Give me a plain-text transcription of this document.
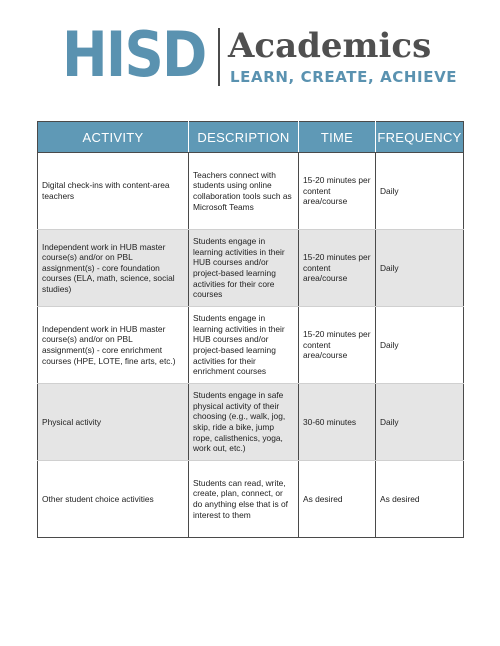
HISD Academics
LEARN, CREATE, ACHIEVE
ACTIVITY	DESCRIPTION	TIME	FREQUENCY
Digital check-ins with content-area teachers	Teachers connect with students using online collaboration tools such as Microsoft Teams	15-20 minutes per content area/course	Daily
Independent work in HUB master course(s) and/or on PBL assignment(s) - core foundation courses (ELA, math, science, social studies)	Students engage in learning activities in their HUB courses and/or project-based learning activities for their core courses	15-20 minutes per content area/course	Daily
Independent work in HUB master course(s) and/or on PBL assignment(s) - core enrichment courses (HPE, LOTE, fine arts, etc.)	Students engage in learning activities in their HUB courses and/or project-based learning activities for their enrichment courses	15-20 minutes per content area/course	Daily
Physical activity	Students engage in safe physical activity of their choosing (e.g., walk, jog, skip, ride a bike, jump rope, calisthenics, yoga, work out, etc.)	30-60 minutes	Daily
Other student choice activities	Students can read, write, create, plan, connect, or do anything else that is of interest to them	As desired	As desired
